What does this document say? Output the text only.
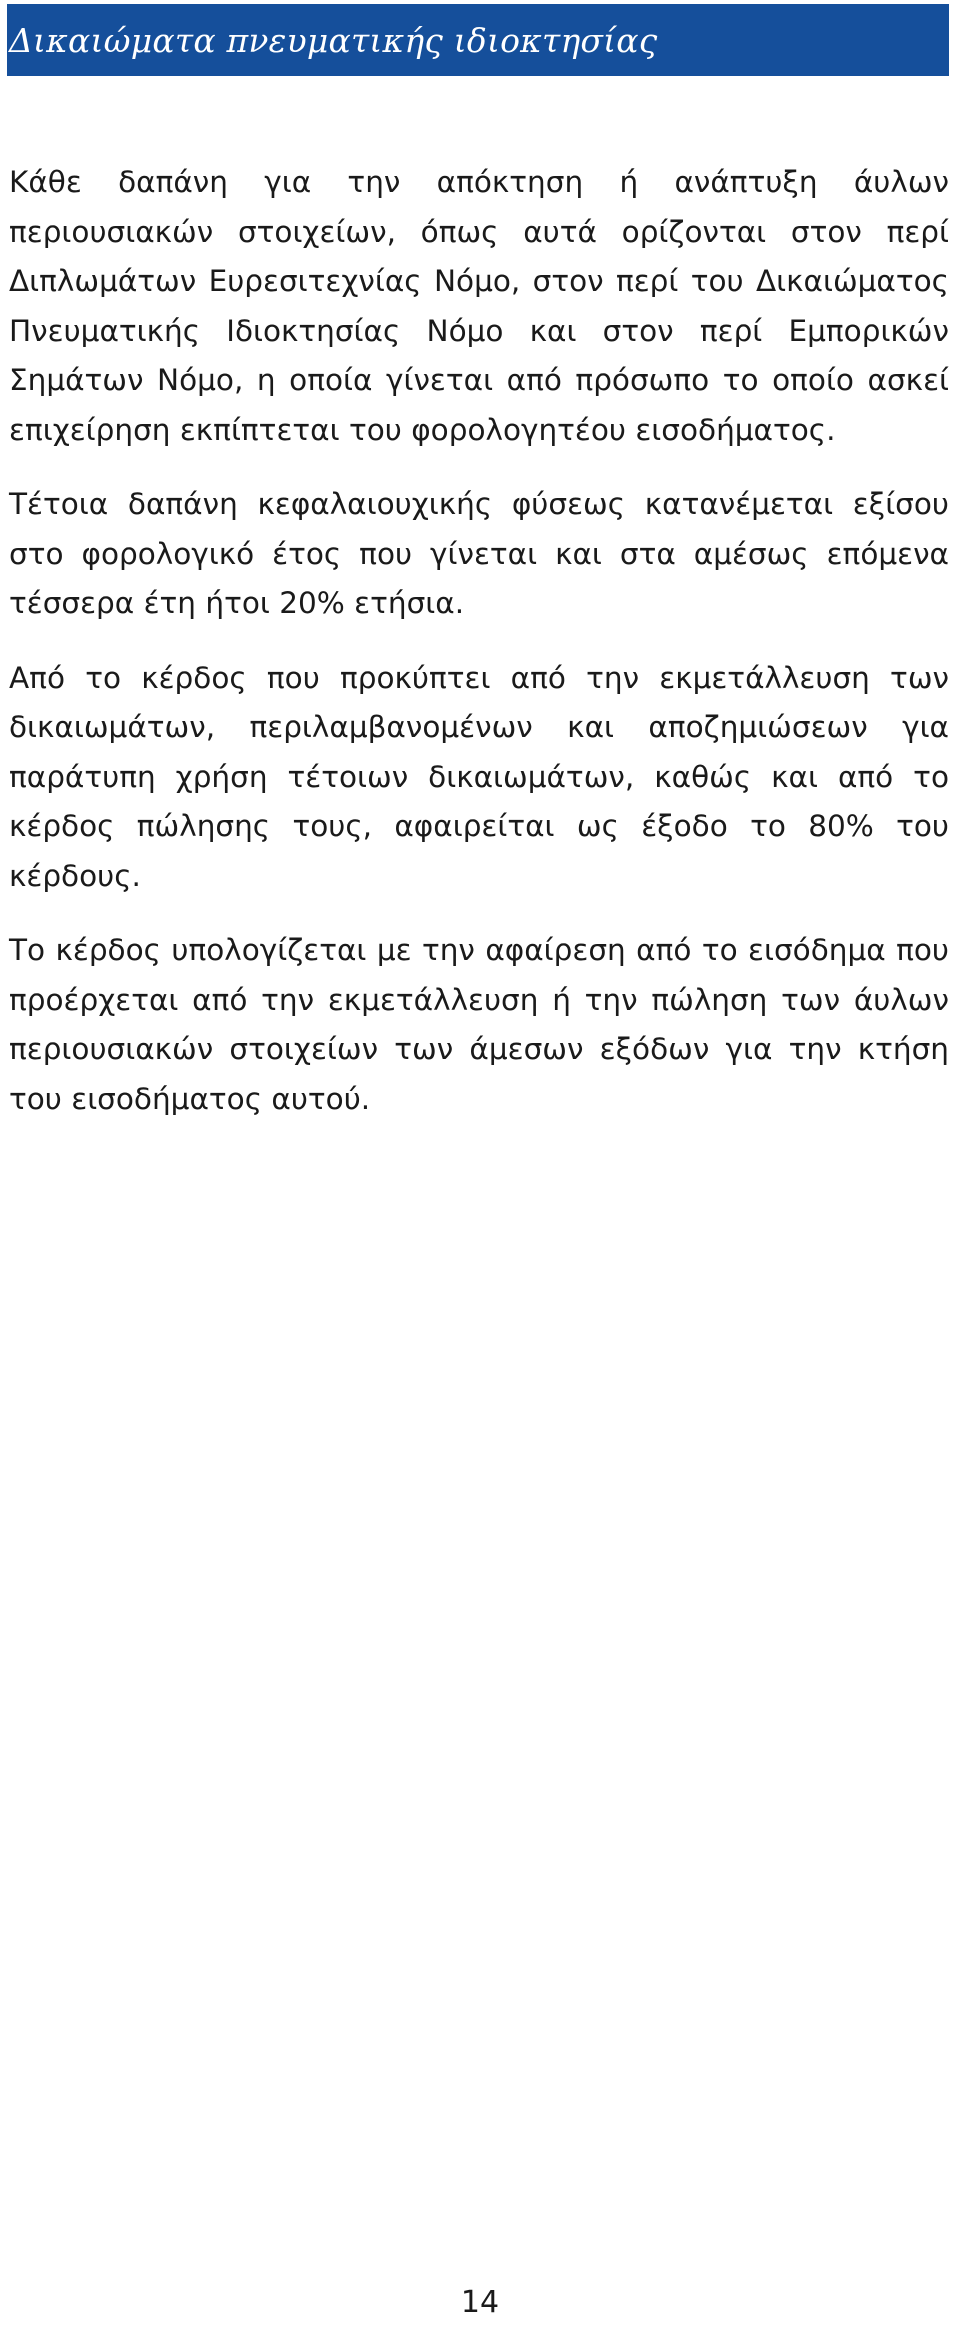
Δικαιώματα πνευματικής ιδιοκτησίας

Κάθε δαπάνη για την απόκτηση ή ανάπτυξη άυλων περιουσιακών στοιχείων, όπως αυτά ορίζονται στον περί Διπλωμάτων Ευρεσιτεχνίας Νόμο, στον περί του Δικαιώματος Πνευματικής Ιδιοκτησίας Νόμο και στον περί Εμπορικών Σημάτων Νόμο, η οποία γίνεται από πρόσωπο το οποίο ασκεί επιχείρηση εκπίπτεται του φορολογητέου εισοδήματος.

Τέτοια δαπάνη κεφαλαιουχικής φύσεως κατανέμεται εξίσου στο φορολογικό έτος που γίνεται και στα αμέσως επόμενα τέσσερα έτη ήτοι 20% ετήσια.

Από το κέρδος που προκύπτει από την εκμετάλλευση των δικαιωμάτων, περιλαμβανομένων και αποζημιώσεων για παράτυπη χρήση τέτοιων δικαιωμάτων, καθώς και από το κέρδος πώλησης τους, αφαιρείται ως έξοδο το 80% του κέρδους.

Το κέρδος υπολογίζεται με την αφαίρεση από το εισόδημα που προέρχεται από την εκμετάλλευση ή την πώληση των άυλων περιουσιακών στοιχείων των άμεσων εξόδων για την κτήση του εισοδήματος αυτού.

14
